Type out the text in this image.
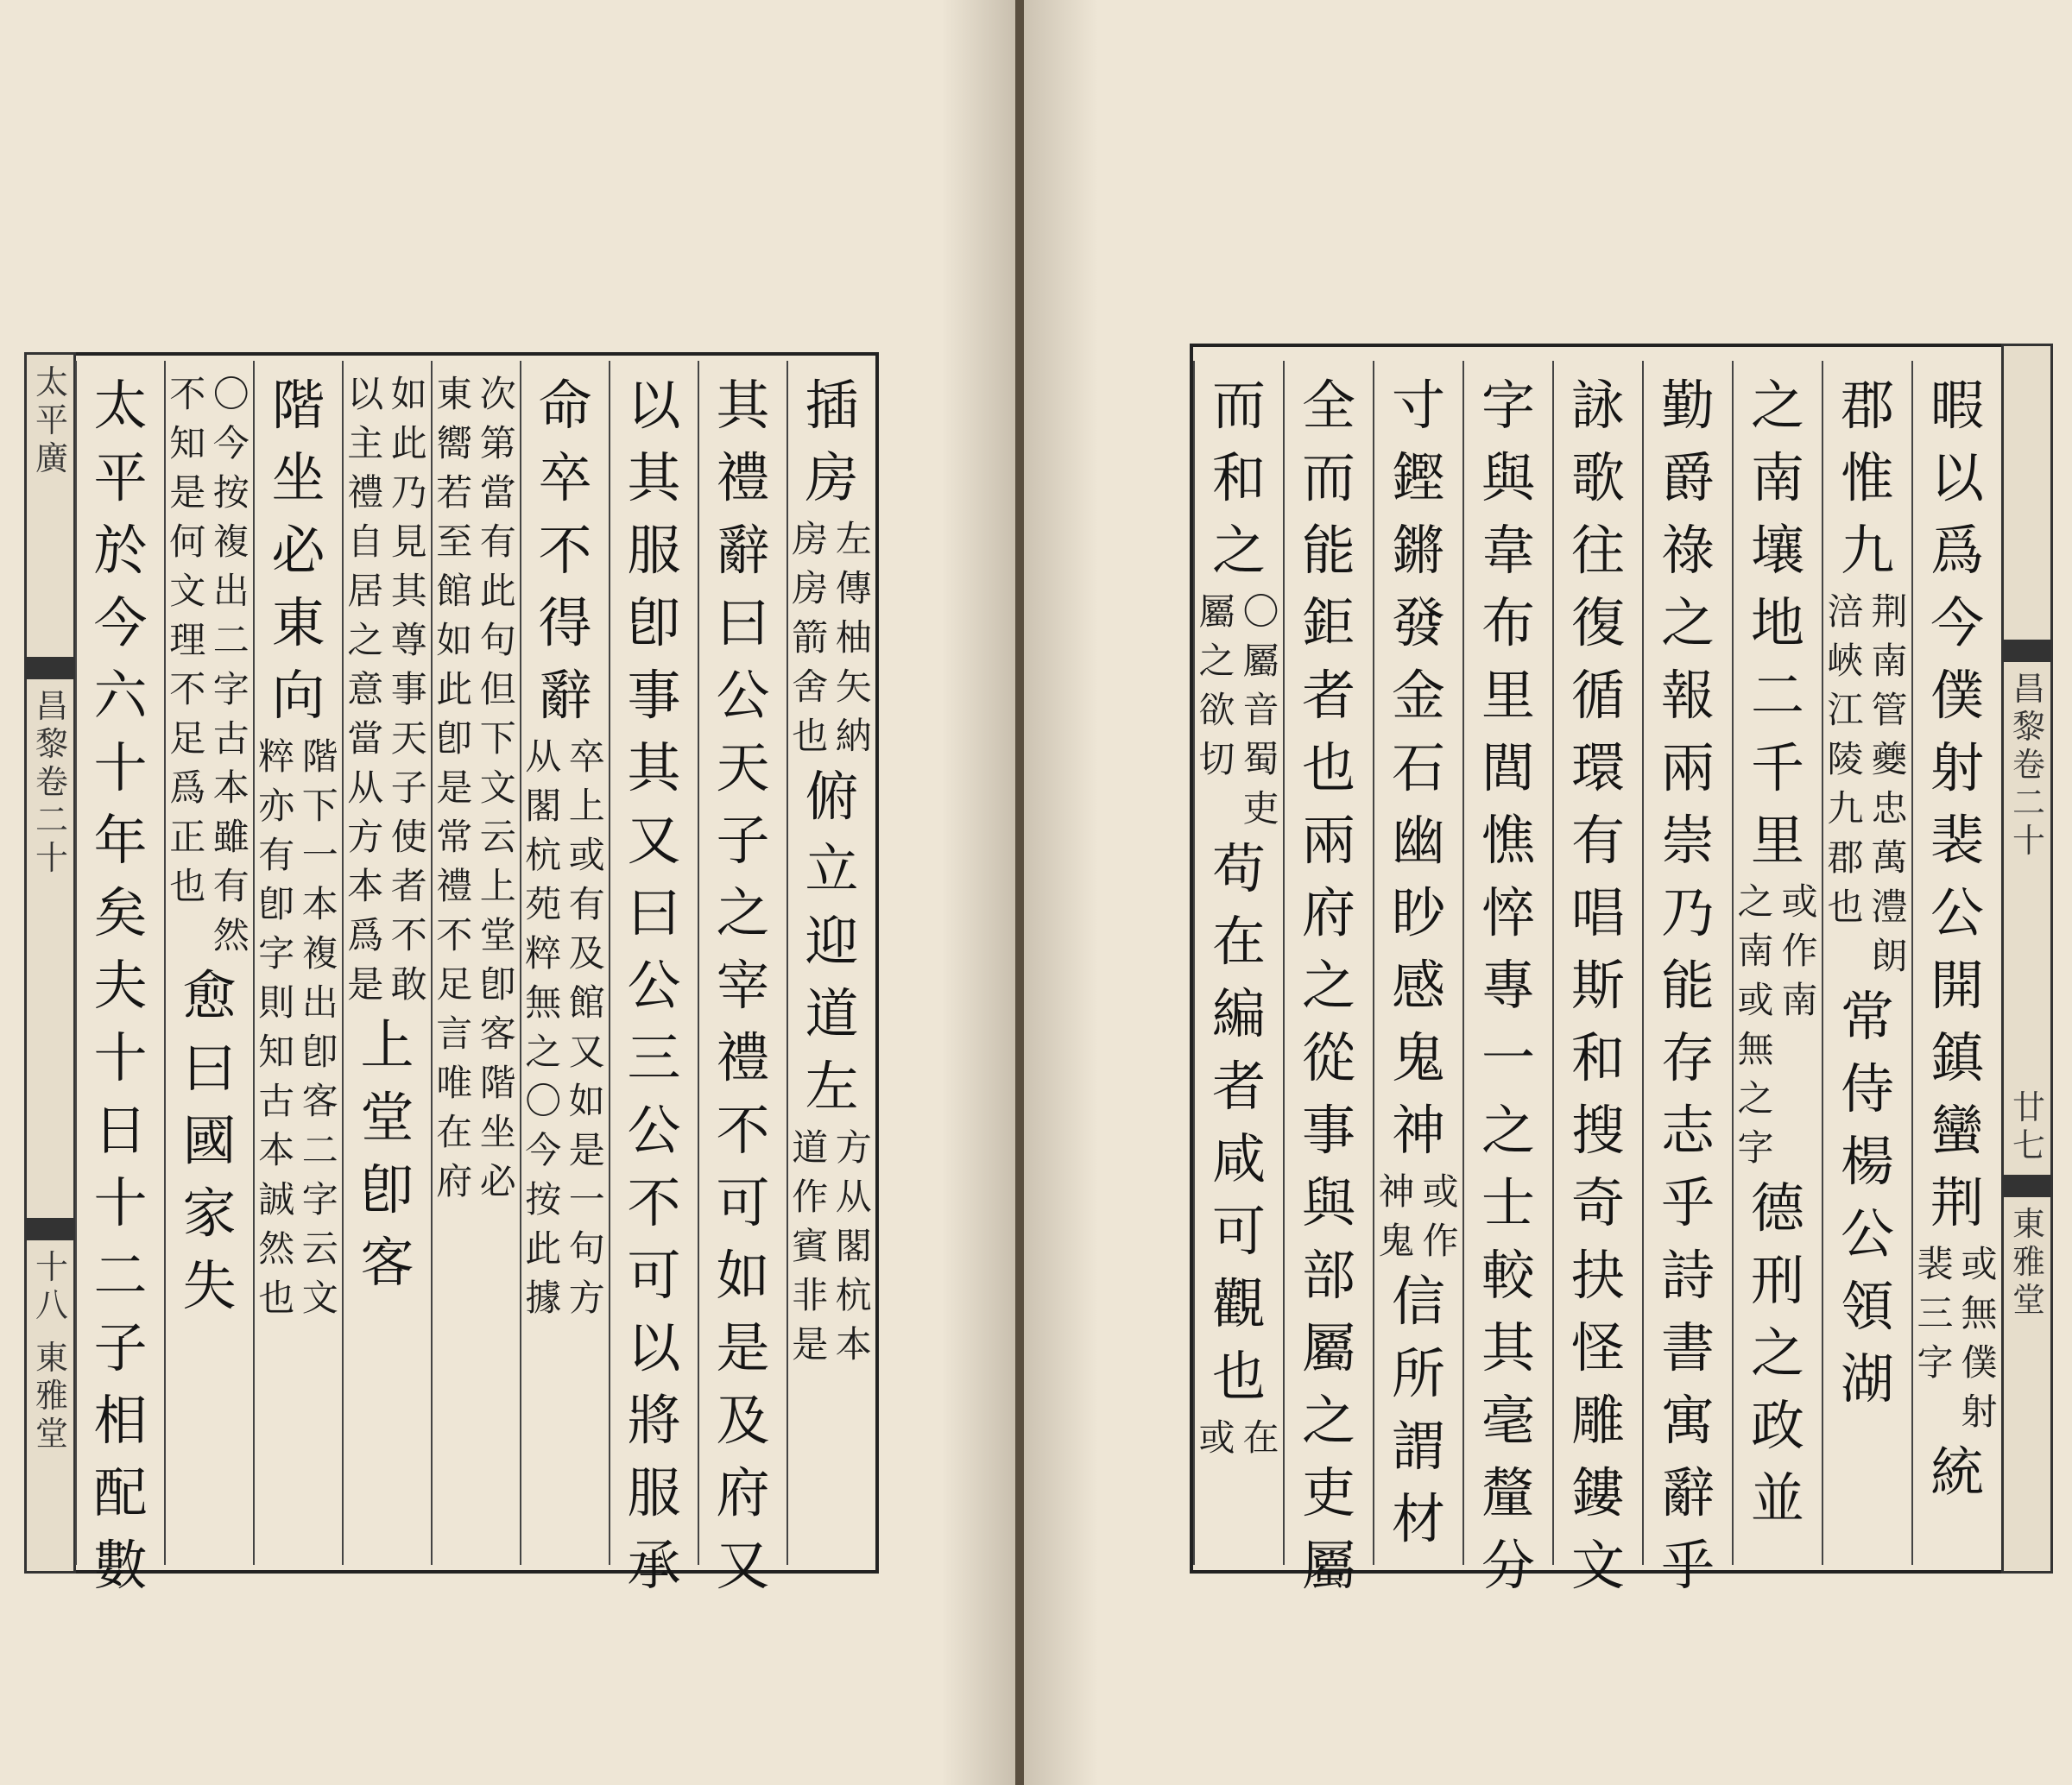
太平廣
昌黎卷二十
十八
東雅堂
昌黎卷二十
廿七
東雅堂
插房
左傳柚矢納
房房箭舍也
俯立迎道左
方从閣杭本
道作賓非是
其禮辭曰公天子之宰禮不可如是及府又
以其服卽事其又曰公三公不可以將服承
命卒不得辭
卒上或有及館又如是一句方
从閣杭苑粹無之〇今按此據
次第當有此句但下文云上堂卽客階坐必
東嚮若至館如此卽是常禮不足言唯在府
如此乃見其尊事天子使者不敢
以主禮自居之意當从方本爲是
上堂卽客
階坐必東向
階下一本複出卽客二字云文
粹亦有卽字則知古本誠然也
〇今按複出二字古本雖有然
不知是何文理不足爲正也
愈曰國家失
太平於今六十年矣夫十日十二子相配數
暇以爲今僕射裴公開鎮蠻荆
或無僕射
裴三字
統
郡惟九
荆南管夔忠萬澧朗
涪峽江陵九郡也
常侍楊公領湖
之南壤地二千里
或作南
之南或無之字
德刑之政並
勤爵祿之報兩崇乃能存志乎詩書寓辭乎
詠歌往復循環有唱斯和搜奇抉怪雕鏤文
字與韋布里閭憔悴專一之士較其毫釐分
寸鏗鏘發金石幽眇感鬼神
或作
神鬼
信所謂材
全而能鉅者也兩府之從事與部屬之吏屬
而和之
〇屬音蜀吏
屬之欲切
苟在編者咸可觀也
在
或
